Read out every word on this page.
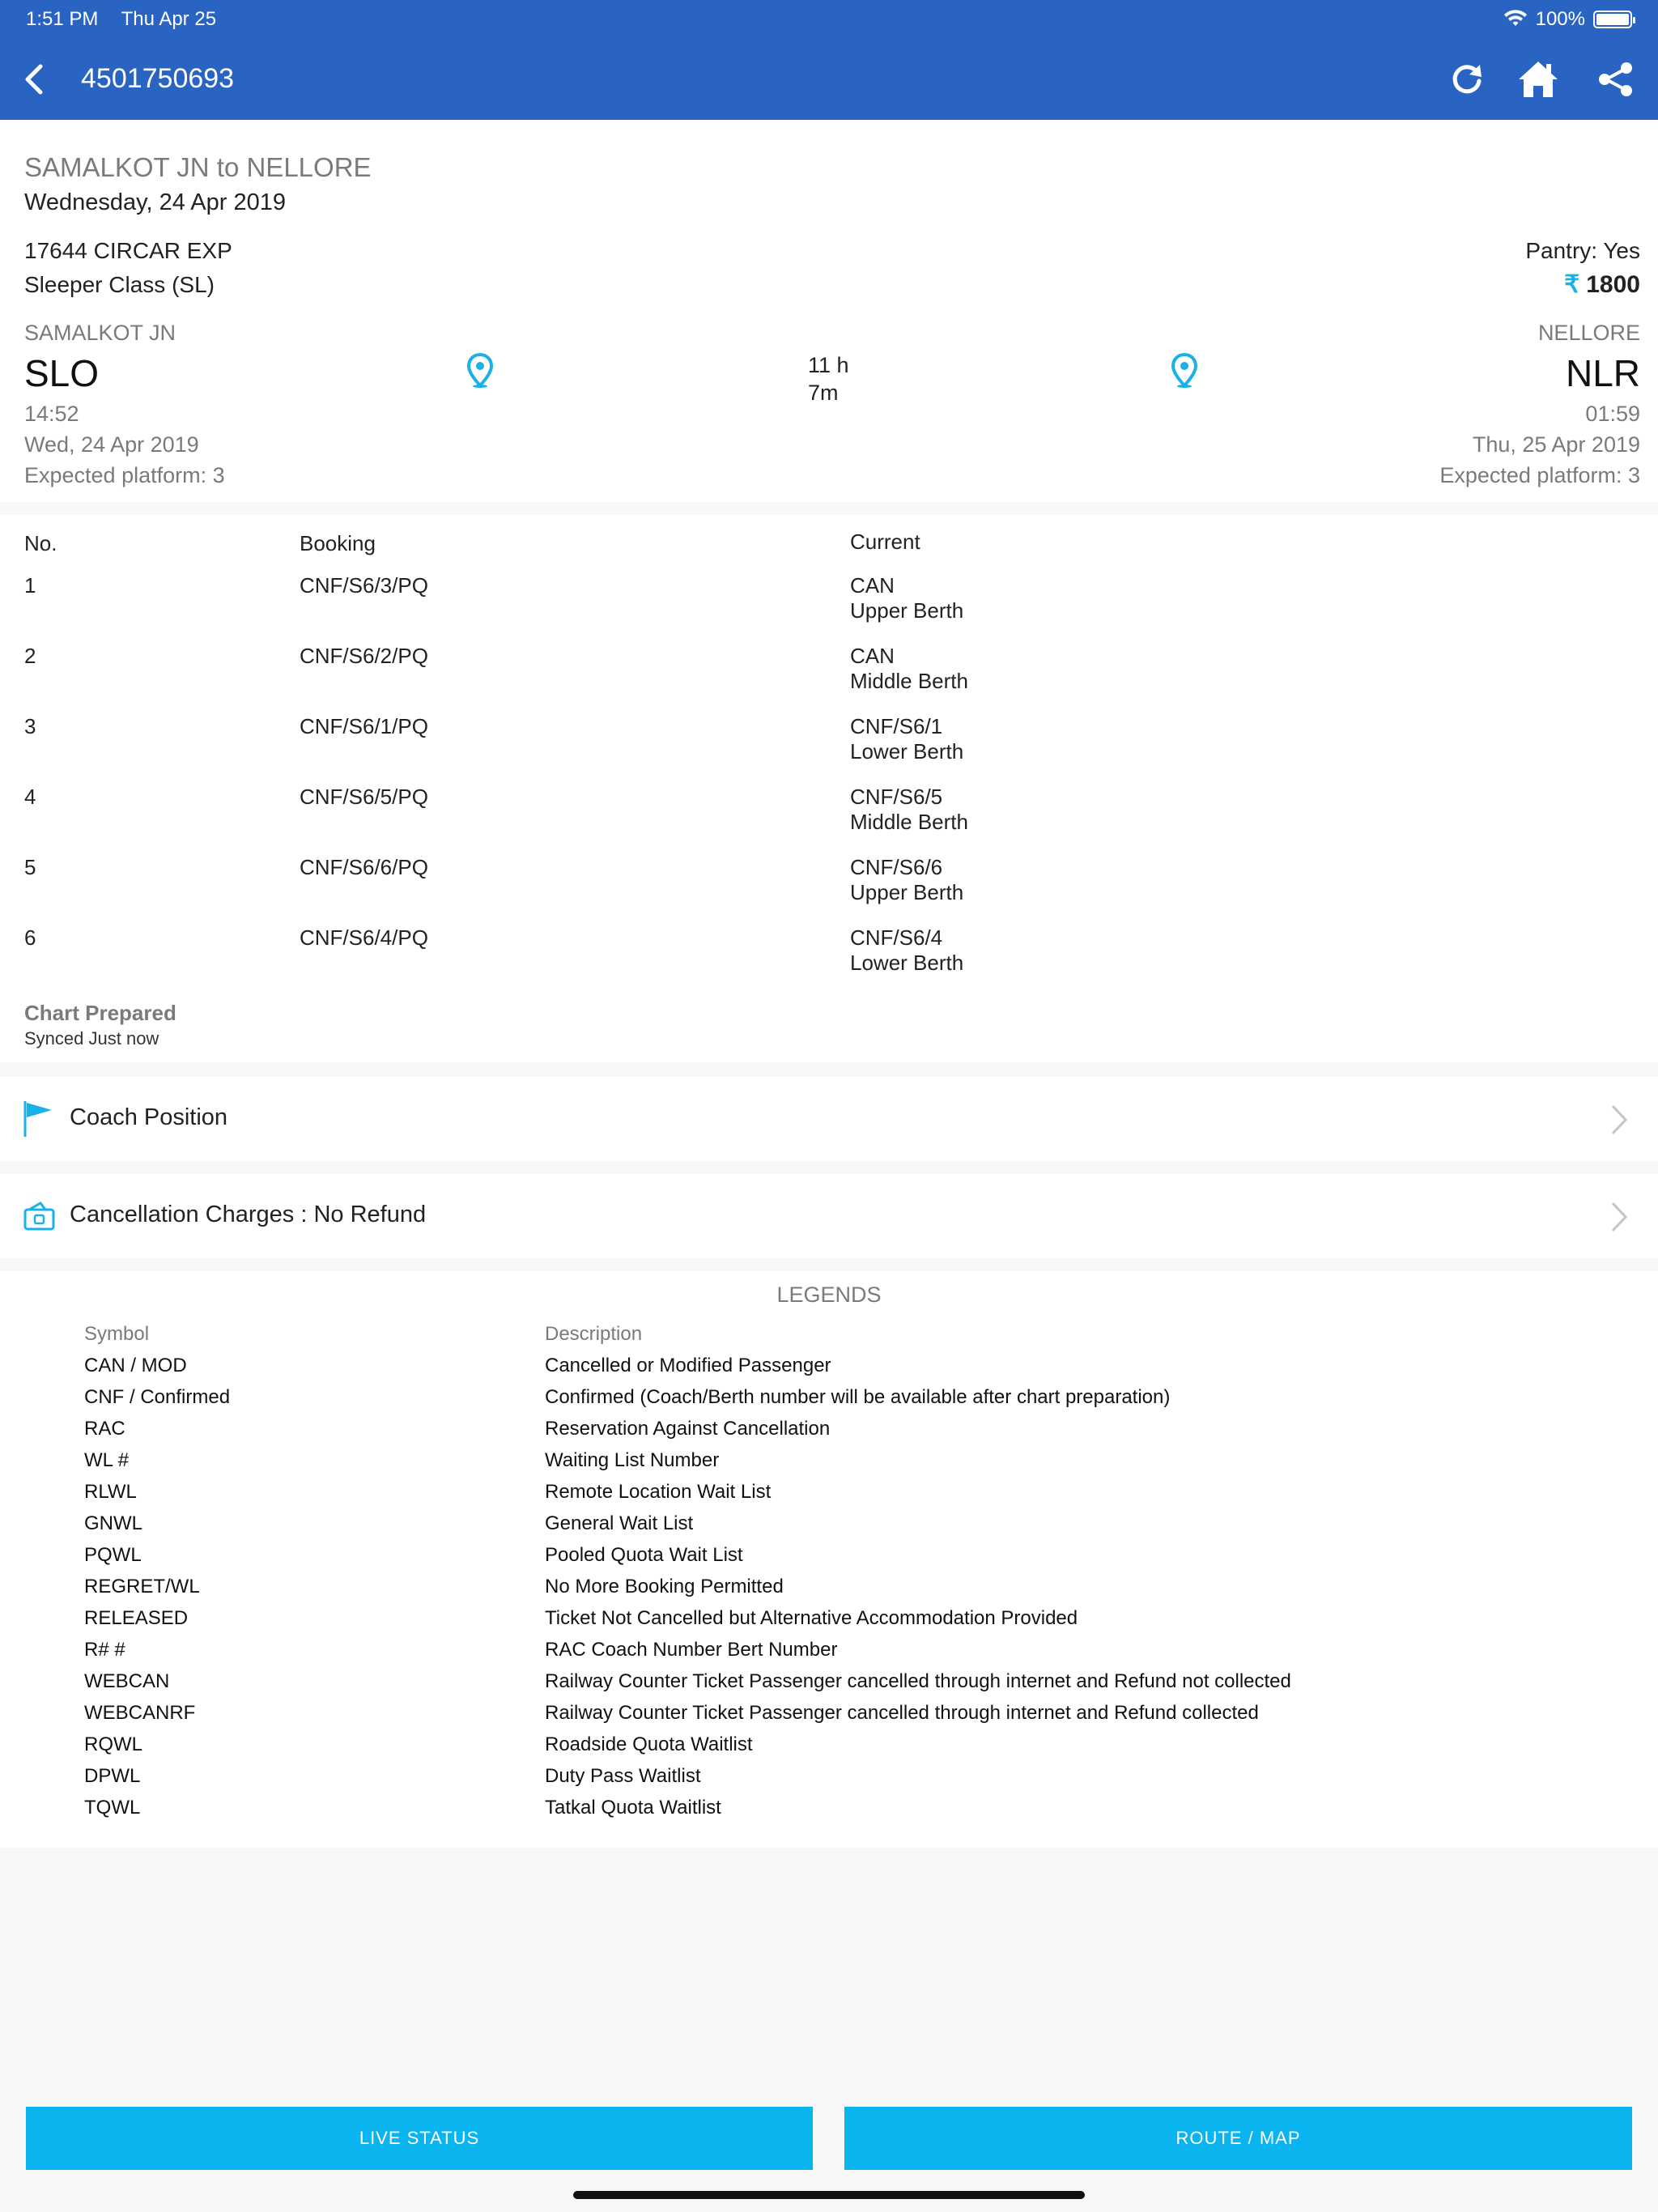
1:51 PM Thu Apr 25	100%
4501750693
SAMALKOT JN to NELLORE
Wednesday, 24 Apr 2019
17644 CIRCAR EXP
Sleeper Class (SL)
Pantry: Yes
₹ 1800
SAMALKOT JN
SLO
14:52
Wed, 24 Apr 2019
Expected platform: 3
11 h
7m
NELLORE
NLR
01:59
Thu, 25 Apr 2019
Expected platform: 3
No.	Booking	Current
1	CNF/S6/3/PQ	CAN
Upper Berth
2	CNF/S6/2/PQ	CAN
Middle Berth
3	CNF/S6/1/PQ	CNF/S6/1
Lower Berth
4	CNF/S6/5/PQ	CNF/S6/5
Middle Berth
5	CNF/S6/6/PQ	CNF/S6/6
Upper Berth
6	CNF/S6/4/PQ	CNF/S6/4
Lower Berth
Chart Prepared
Synced Just now
Coach Position
Cancellation Charges : No Refund
LEGENDS
Symbol	Description
CAN / MOD	Cancelled or Modified Passenger
CNF / Confirmed	Confirmed (Coach/Berth number will be available after chart preparation)
RAC	Reservation Against Cancellation
WL #	Waiting List Number
RLWL	Remote Location Wait List
GNWL	General Wait List
PQWL	Pooled Quota Wait List
REGRET/WL	No More Booking Permitted
RELEASED	Ticket Not Cancelled but Alternative Accommodation Provided
R# #	RAC Coach Number Bert Number
WEBCAN	Railway Counter Ticket Passenger cancelled through internet and Refund not collected
WEBCANRF	Railway Counter Ticket Passenger cancelled through internet and Refund collected
RQWL	Roadside Quota Waitlist
DPWL	Duty Pass Waitlist
TQWL	Tatkal Quota Waitlist
LIVE STATUS	ROUTE / MAP
